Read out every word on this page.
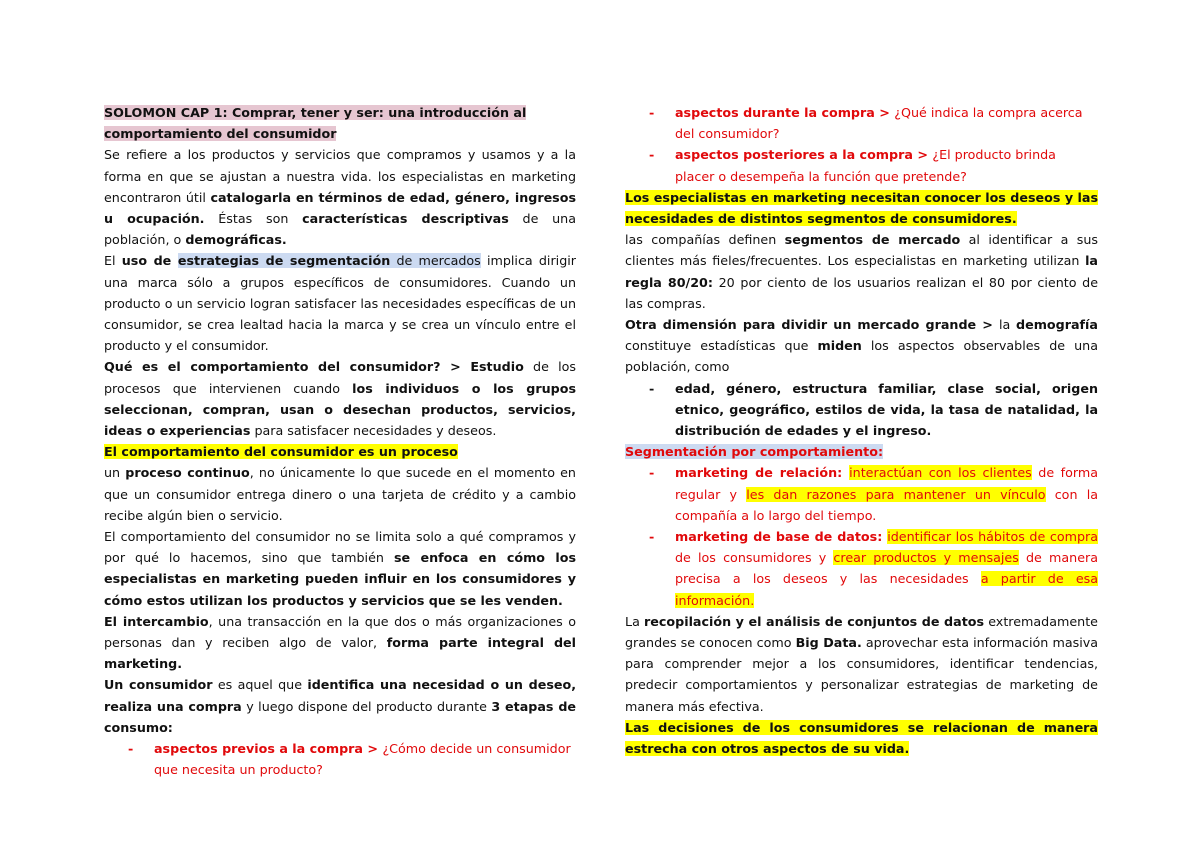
SOLOMON CAP 1: Comprar, tener y ser: una introducción al
comportamiento del consumidor

Se refiere a los productos y servicios que compramos y usamos y a la forma en que se ajustan a nuestra vida. los especialistas en marketing encontraron útil catalogarla en términos de edad, género, ingresos u ocupación. Éstas son características descriptivas de una población, o demográficas.

El uso de estrategias de segmentación de mercados implica dirigir una marca sólo a grupos específicos de consumidores. Cuando un producto o un servicio logran satisfacer las necesidades específicas de un consumidor, se crea lealtad hacia la marca y se crea un vínculo entre el producto y el consumidor.

Qué es el comportamiento del consumidor? > Estudio de los procesos que intervienen cuando los individuos o los grupos seleccionan, compran, usan o desechan productos, servicios, ideas o experiencias para satisfacer necesidades y deseos.

El comportamiento del consumidor es un proceso

un proceso continuo, no únicamente lo que sucede en el momento en que un consumidor entrega dinero o una tarjeta de crédito y a cambio recibe algún bien o servicio.

El comportamiento del consumidor no se limita solo a qué compramos y por qué lo hacemos, sino que también se enfoca en cómo los especialistas en marketing pueden influir en los consumidores y cómo estos utilizan los productos y servicios que se les venden.

El intercambio, una transacción en la que dos o más organizaciones o personas dan y reciben algo de valor, forma parte integral del marketing.

Un consumidor es aquel que identifica una necesidad o un deseo, realiza una compra y luego dispone del producto durante 3 etapas de consumo:

- aspectos previos a la compra > ¿Cómo decide un consumidor que necesita un producto?
- aspectos durante la compra > ¿Qué indica la compra acerca del consumidor?
- aspectos posteriores a la compra > ¿El producto brinda placer o desempeña la función que pretende?

Los especialistas en marketing necesitan conocer los deseos y las necesidades de distintos segmentos de consumidores.

las compañías definen segmentos de mercado al identificar a sus clientes más fieles/frecuentes. Los especialistas en marketing utilizan la regla 80/20: 20 por ciento de los usuarios realizan el 80 por ciento de las compras.

Otra dimensión para dividir un mercado grande > la demografía constituye estadísticas que miden los aspectos observables de una población, como

- edad, género, estructura familiar, clase social, origen etnico, geográfico, estilos de vida, la tasa de natalidad, la distribución de edades y el ingreso.

Segmentación por comportamiento:

- marketing de relación: interactúan con los clientes de forma regular y les dan razones para mantener un vínculo con la compañía a lo largo del tiempo.
- marketing de base de datos: identificar los hábitos de compra de los consumidores y crear productos y mensajes de manera precisa a los deseos y las necesidades a partir de esa información.

La recopilación y el análisis de conjuntos de datos extremadamente grandes se conocen como Big Data. aprovechar esta información masiva para comprender mejor a los consumidores, identificar tendencias, predecir comportamientos y personalizar estrategias de marketing de manera más efectiva.

Las decisiones de los consumidores se relacionan de manera estrecha con otros aspectos de su vida.
